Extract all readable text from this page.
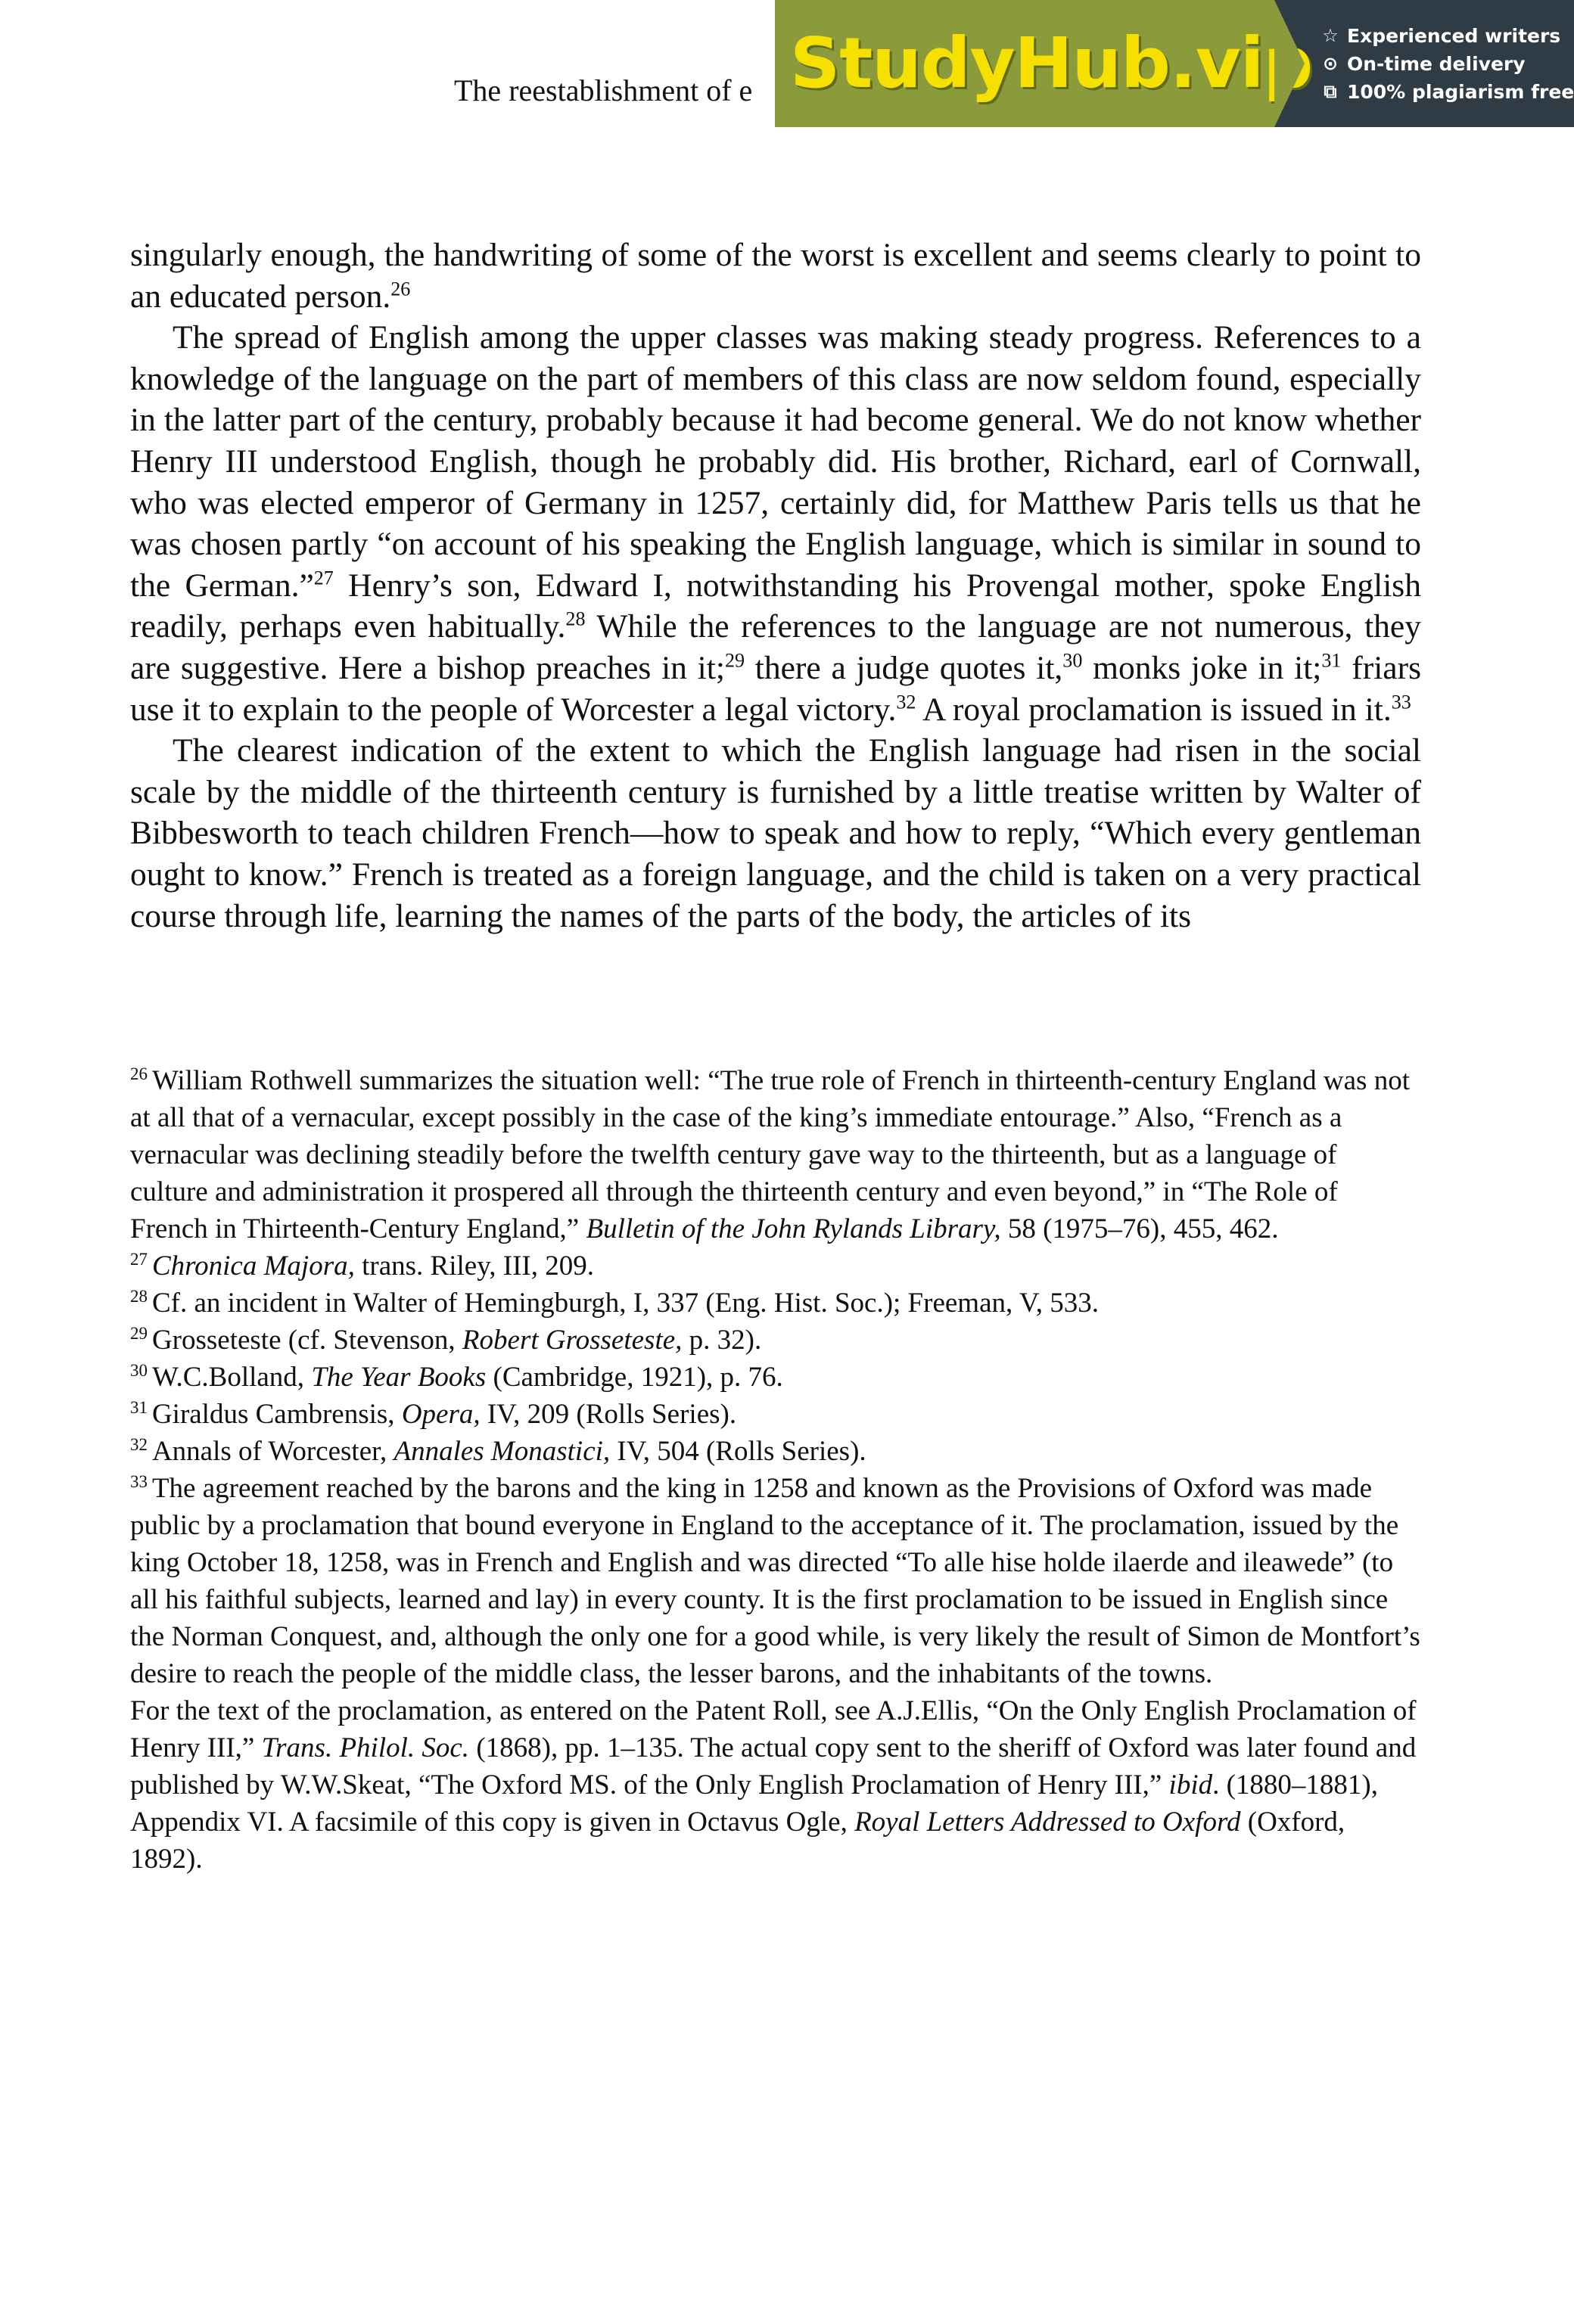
The reestablishment of e StudyHub.vip ☆ Experienced writers
⊙ On-time delivery
⧉ 100% plagiarism free

singularly enough, the handwriting of some of the worst is excellent and seems clearly to point to an educated person.$^{26}$

The spread of English among the upper classes was making steady progress. References to a knowledge of the language on the part of members of this class are now seldom found, especially in the latter part of the century, probably because it had become general. We do not know whether Henry III understood English, though he probably did. His brother, Richard, earl of Cornwall, who was elected emperor of Germany in 1257, certainly did, for Matthew Paris tells us that he was chosen partly “on account of his speaking the English language, which is similar in sound to the German.”$^{27}$ Henry’s son, Edward I, notwithstanding his Provengal mother, spoke English readily, perhaps even habitually.$^{28}$ While the references to the language are not numerous, they are suggestive. Here a bishop preaches in it;$^{29}$ there a judge quotes it,$^{30}$ monks joke in it;$^{31}$ friars use it to explain to the people of Worcester a legal victory.$^{32}$ A royal proclamation is issued in it.$^{33}$

The clearest indication of the extent to which the English language had risen in the social scale by the middle of the thirteenth century is furnished by a little treatise written by Walter of Bibbesworth to teach children French—how to speak and how to reply, “Which every gentleman ought to know.” French is treated as a foreign language, and the child is taken on a very practical course through life, learning the names of the parts of the body, the articles of its

$^{26}$ William Rothwell summarizes the situation well: “The true role of French in thirteenth-century England was not at all that of a vernacular, except possibly in the case of the king’s immediate entourage.” Also, “French as a vernacular was declining steadily before the twelfth century gave way to the thirteenth, but as a language of culture and administration it prospered all through the thirteenth century and even beyond,” in “The Role of French in Thirteenth-Century England,” Bulletin of the John Rylands Library, 58 (1975–76), 455, 462.

$^{27}$ Chronica Majora, trans. Riley, III, 209.

$^{28}$ Cf. an incident in Walter of Hemingburgh, I, 337 (Eng. Hist. Soc.); Freeman, V, 533.

$^{29}$ Grosseteste (cf. Stevenson, Robert Grosseteste, p. 32).

$^{30}$ W.C.Bolland, The Year Books (Cambridge, 1921), p. 76.

$^{31}$ Giraldus Cambrensis, Opera, IV, 209 (Rolls Series).

$^{32}$ Annals of Worcester, Annales Monastici, IV, 504 (Rolls Series).

$^{33}$ The agreement reached by the barons and the king in 1258 and known as the Provisions of Oxford was made public by a proclamation that bound everyone in England to the acceptance of it. The proclamation, issued by the king October 18, 1258, was in French and English and was directed “To alle hise holde ilaerde and ileawede” (to all his faithful subjects, learned and lay) in every county. It is the first proclamation to be issued in English since the Norman Conquest, and, although the only one for a good while, is very likely the result of Simon de Montfort’s desire to reach the people of the middle class, the lesser barons, and the inhabitants of the towns.

For the text of the proclamation, as entered on the Patent Roll, see A.J.Ellis, “On the Only English Proclamation of Henry III,” Trans. Philol. Soc. (1868), pp. 1–135. The actual copy sent to the sheriff of Oxford was later found and published by W.W.Skeat, “The Oxford MS. of the Only English Proclamation of Henry III,” ibid. (1880–1881), Appendix VI. A facsimile of this copy is given in Octavus Ogle, Royal Letters Addressed to Oxford (Oxford, 1892).
